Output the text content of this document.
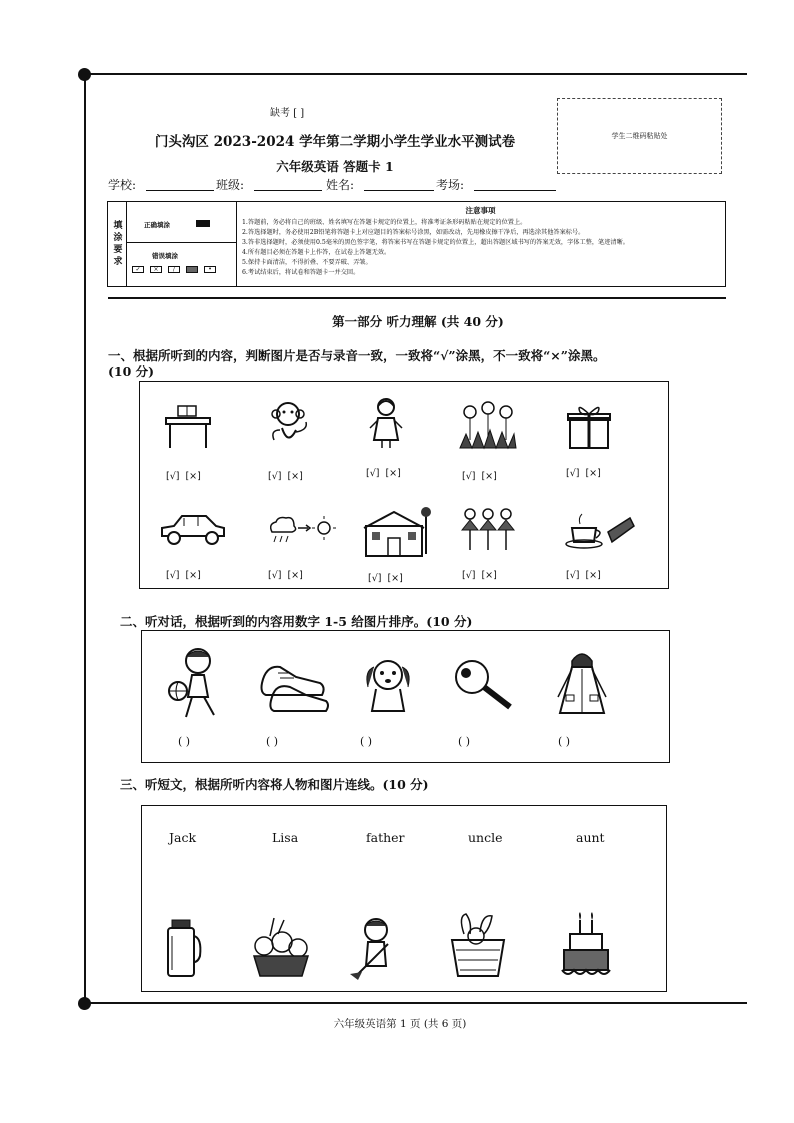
缺考 [ ]
门头沟区 2023-2024 学年第二学期小学生学业水平测试卷
六年级英语 答题卡 1
学生二维码粘贴处
学校:	班级:	姓名:	考场:
填涂要求	正确填涂
错误填涂
✓	×	/	•
注意事项
1.答题前，务必将自己的班级、姓名填写在答题卡规定的位置上，将准考证条形码粘贴在规定的位置上。
2.答选择题时，务必使用2B铅笔将答题卡上对应题目的答案标号涂黑，如需改动，先用橡皮擦干净后，再选涂其他答案标号。
3.答非选择题时，必须使用0.5毫米的黑色签字笔，将答案书写在答题卡规定的位置上，超出答题区域书写的答案无效，字体工整，笔迹清晰。
4.所有题目必须在答题卡上作答，在试卷上答题无效。
5.保持卡面清洁，不得折叠、不要弄破、弄皱。
6.考试结束后，将试卷和答题卡一并交回。
第一部分 听力理解 (共 40 分)
一、根据所听到的内容，判断图片是否与录音一致，一致将“√”涂黑，不一致将“×”涂黑。
(10 分)
[√] [×]	[√] [×]	[√] [×]	[√] [×]	[√] [×]
[√] [×]	[√] [×]	[√] [×]	[√] [×]	[√] [×]
二、听对话，根据听到的内容用数字 1-5 给图片排序。(10 分)
( )	( )	( )	( )	( )
三、听短文，根据所听内容将人物和图片连线。(10 分)
Jack	Lisa	father	uncle	aunt
六年级英语第 1 页 (共 6 页)
